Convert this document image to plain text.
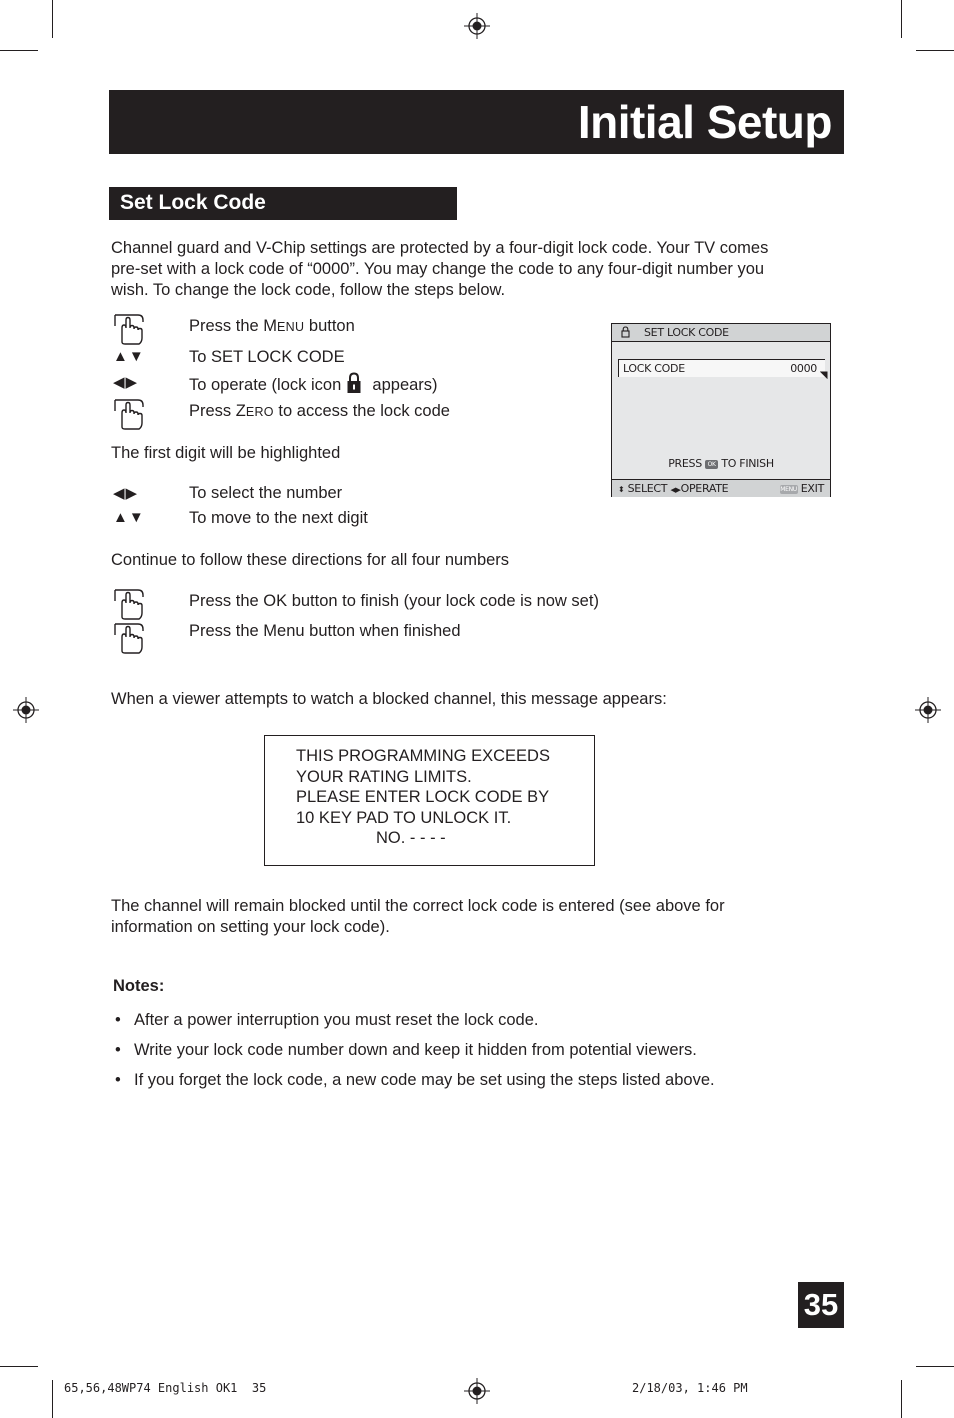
Initial Setup
Set Lock Code
Channel guard and V-Chip settings are protected by a four-digit lock code. Your TV comes
pre-set with a lock code of “0000”. You may change the code to any four-digit number you
wish. To change the lock code, follow the steps below.
Press the MENU button
▲▼	To SET LOCK CODE
◀▶	To operate (lock icon  appears)
Press ZERO to access the lock code
The first digit will be highlighted
◀▶	To select the number
▲▼	To move to the next digit
Continue to follow these directions for all four numbers
Press the OK button to finish (your lock code is now set)
Press the Menu button when finished
SET LOCK CODE
LOCK CODE	0000
PRESS OK TO FINISH
⬍ SELECT ◀▶OPERATE	MENU EXIT
When a viewer attempts to watch a blocked channel, this message appears:
THIS PROGRAMMING EXCEEDS
YOUR RATING LIMITS.
PLEASE ENTER LOCK CODE BY
10 KEY PAD TO UNLOCK IT.
NO. - - - -
The channel will remain blocked until the correct lock code is entered (see above for
information on setting your lock code).
Notes:
• After a power interruption you must reset the lock code.
• Write your lock code number down and keep it hidden from potential viewers.
• If you forget the lock code, a new code may be set using the steps listed above.
35
65,56,48WP74 English OK1  35	2/18/03, 1:46 PM
